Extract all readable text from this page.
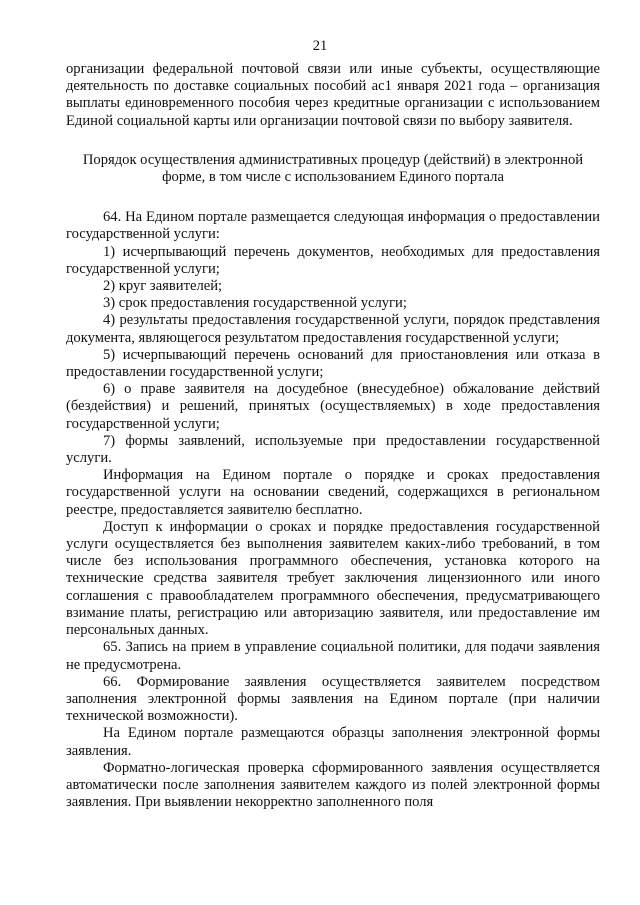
21

организации федеральной почтовой связи или иные субъекты, осуществляющие деятельность по доставке социальных пособий ас1 января 2021 года – организация выплаты единовременного пособия через кредитные организации с использованием Единой социальной карты или организации почтовой связи по выбору заявителя.

Порядок осуществления административных процедур (действий) в электронной
форме, в том числе с использованием Единого портала

64. На Едином портале размещается следующая информация о предоставлении государственной услуги:

1) исчерпывающий перечень документов, необходимых для предоставления государственной услуги;

2) круг заявителей;

3) срок предоставления государственной услуги;

4) результаты предоставления государственной услуги, порядок представления документа, являющегося результатом предоставления государственной услуги;

5) исчерпывающий перечень оснований для приостановления или отказа в предоставлении государственной услуги;

6) о праве заявителя на досудебное (внесудебное) обжалование действий (бездействия) и решений, принятых (осуществляемых) в ходе предоставления государственной услуги;

7) формы заявлений, используемые при предоставлении государственной услуги.

Информация на Едином портале о порядке и сроках предоставления государственной услуги на основании сведений, содержащихся в региональном реестре, предоставляется заявителю бесплатно.

Доступ к информации о сроках и порядке предоставления государственной услуги осуществляется без выполнения заявителем каких-либо требований, в том числе без использования программного обеспечения, установка которого на технические средства заявителя требует заключения лицензионного или иного соглашения с правообладателем программного обеспечения, предусматривающего взимание платы, регистрацию или авторизацию заявителя, или предоставление им персональных данных.

65. Запись на прием в управление социальной политики, для подачи заявления не предусмотрена.

66. Формирование заявления осуществляется заявителем посредством заполнения электронной формы заявления на Едином портале (при наличии технической возможности).

На Едином портале размещаются образцы заполнения электронной формы заявления.

Форматно-логическая проверка сформированного заявления осуществляется автоматически после заполнения заявителем каждого из полей электронной формы заявления. При выявлении некорректно заполненного поля
